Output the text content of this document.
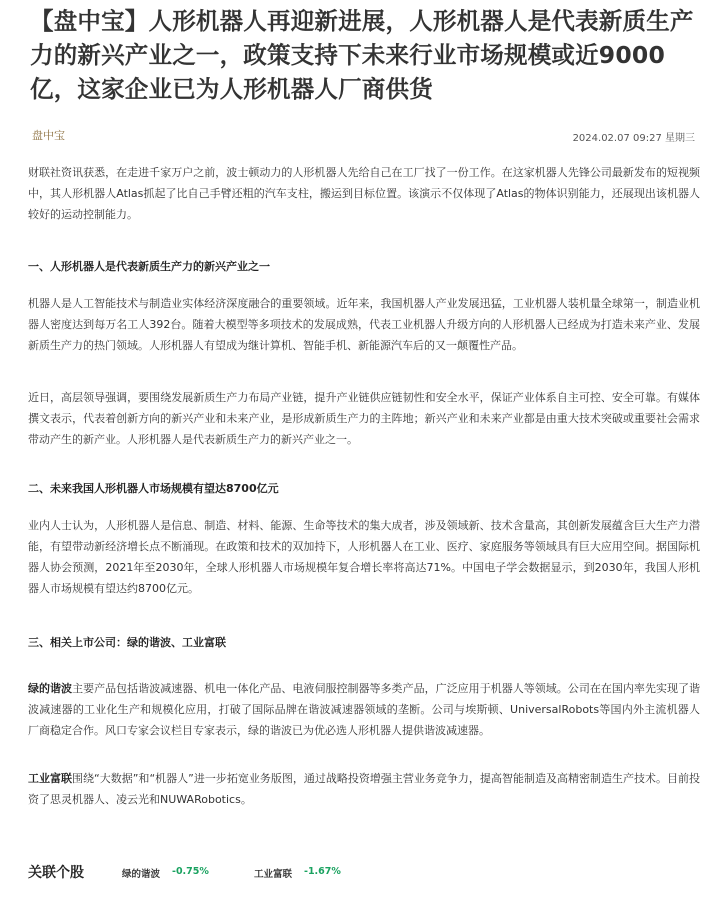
【盘中宝】人形机器人再迎新进展，人形机器人是代表新质生产力的新兴产业之一，政策支持下未来行业市场规模或近9000亿，这家企业已为人形机器人厂商供货
盘中宝	2024.02.07 09:27 星期三

财联社资讯获悉，在走进千家万户之前，波士顿动力的人形机器人先给自己在工厂找了一份工作。在这家机器人先锋公司最新发布的短视频中，其人形机器人Atlas抓起了比自己手臂还粗的汽车支柱，搬运到目标位置。该演示不仅体现了Atlas的物体识别能力，还展现出该机器人较好的运动控制能力。

一、人形机器人是代表新质生产力的新兴产业之一

机器人是人工智能技术与制造业实体经济深度融合的重要领域。近年来，我国机器人产业发展迅猛，工业机器人装机量全球第一，制造业机器人密度达到每万名工人392台。随着大模型等多项技术的发展成熟，代表工业机器人升级方向的人形机器人已经成为打造未来产业、发展新质生产力的热门领域。人形机器人有望成为继计算机、智能手机、新能源汽车后的又一颠覆性产品。

近日，高层领导强调，要围绕发展新质生产力布局产业链，提升产业链供应链韧性和安全水平，保证产业体系自主可控、安全可靠。有媒体撰文表示，代表着创新方向的新兴产业和未来产业，是形成新质生产力的主阵地；新兴产业和未来产业都是由重大技术突破或重要社会需求带动产生的新产业。人形机器人是代表新质生产力的新兴产业之一。

二、未来我国人形机器人市场规模有望达8700亿元

业内人士认为，人形机器人是信息、制造、材料、能源、生命等技术的集大成者，涉及领域新、技术含量高，其创新发展蕴含巨大生产力潜能，有望带动新经济增长点不断涌现。在政策和技术的双加持下，人形机器人在工业、医疗、家庭服务等领域具有巨大应用空间。据国际机器人协会预测，2021年至2030年，全球人形机器人市场规模年复合增长率将高达71%。中国电子学会数据显示，到2030年，我国人形机器人市场规模有望达约8700亿元。

三、相关上市公司：绿的谐波、工业富联

绿的谐波主要产品包括谐波减速器、机电一体化产品、电液伺服控制器等多类产品，广泛应用于机器人等领域。公司在在国内率先实现了谐波减速器的工业化生产和规模化应用，打破了国际品牌在谐波减速器领域的垄断。公司与埃斯顿、UniversalRobots等国内外主流机器人厂商稳定合作。风口专家会议栏目专家表示，绿的谐波已为优必选人形机器人提供谐波减速器。

工业富联围绕“大数据”和“机器人”进一步拓宽业务版图，通过战略投资增强主营业务竞争力，提高智能制造及高精密制造生产技术。目前投资了思灵机器人、凌云光和NUWARobotics。

关联个股	绿的谐波 -0.75%	工业富联 -1.67%
